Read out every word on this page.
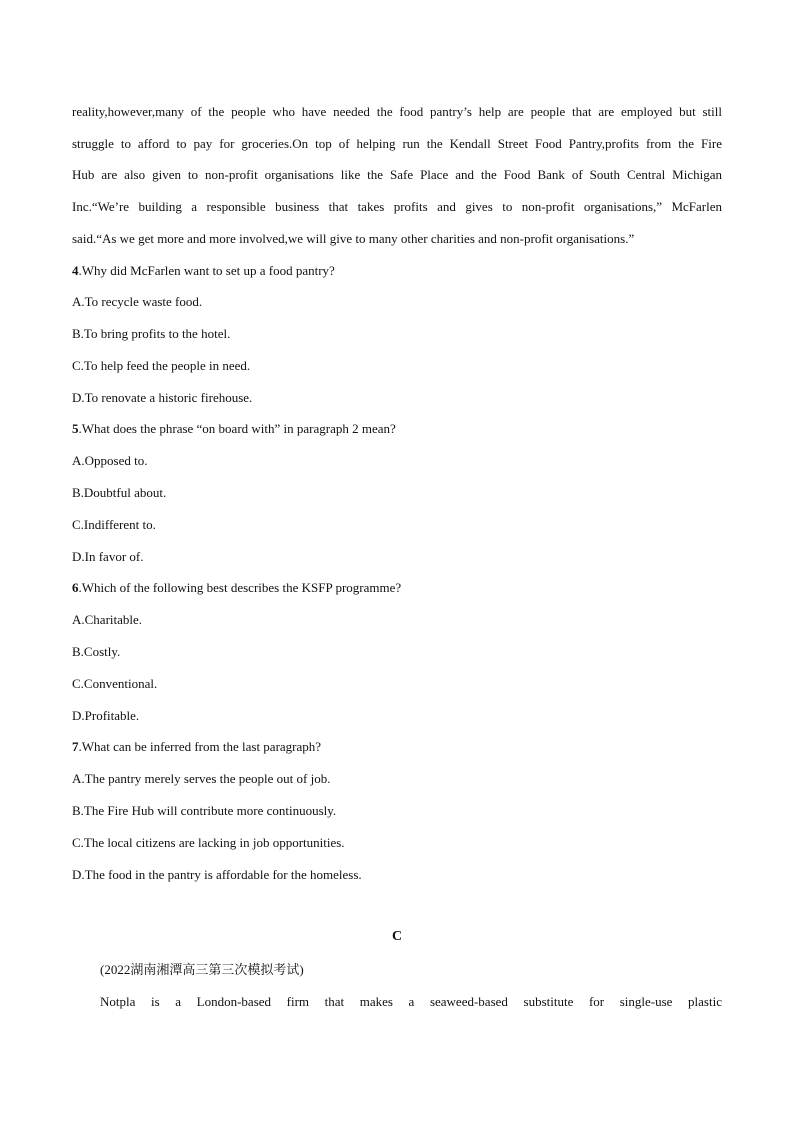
reality,however,many of the people who have needed the food pantry’s help are people that are employed but still
struggle to afford to pay for groceries.On top of helping run the Kendall Street Food Pantry,profits from the Fire
Hub are also given to non-profit organisations like the Safe Place and the Food Bank of South Central Michigan
Inc.“We’re building a responsible business that takes profits and gives to non-profit organisations,” McFarlen
said.“As we get more and more involved,we will give to many other charities and non-profit organisations.”
4.Why did McFarlen want to set up a food pantry?
A.To recycle waste food.
B.To bring profits to the hotel.
C.To help feed the people in need.
D.To renovate a historic firehouse.
5.What does the phrase “on board with” in paragraph 2 mean?
A.Opposed to.
B.Doubtful about.
C.Indifferent to.
D.In favor of.
6.Which of the following best describes the KSFP programme?
A.Charitable.
B.Costly.
C.Conventional.
D.Profitable.
7.What can be inferred from the last paragraph?
A.The pantry merely serves the people out of job.
B.The Fire Hub will contribute more continuously.
C.The local citizens are lacking in job opportunities.
D.The food in the pantry is affordable for the homeless.
C
(2022湖南湘潭高三第三次模拟考试)
Notpla is a London-based firm that makes a seaweed-based substitute for single-use plastic
